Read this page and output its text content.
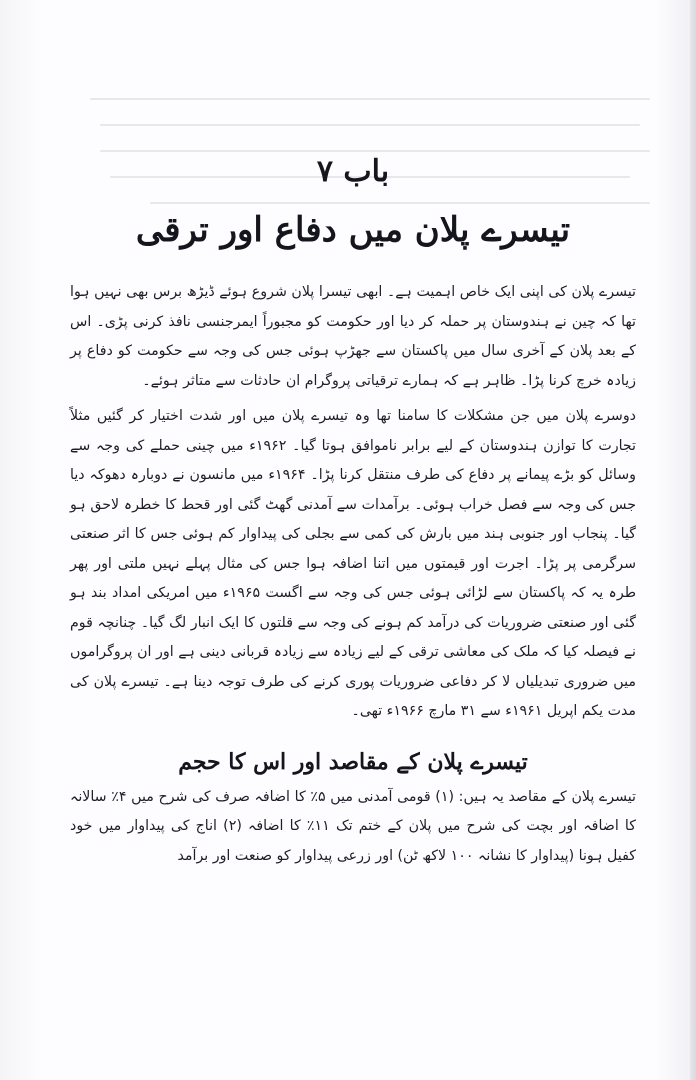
باب ۷
تیسرے پلان میں دفاع اور ترقی

تیسرے پلان کی اپنی ایک خاص اہمیت ہے۔ ابھی تیسرا پلان شروع ہوئے ڈیڑھ برس بھی نہیں ہوا تھا کہ چین نے ہندوستان پر حملہ کر دیا اور حکومت کو مجبوراً ایمرجنسی نافذ کرنی پڑی۔ اس کے بعد پلان کے آخری سال میں پاکستان سے جھڑپ ہوئی جس کی وجہ سے حکومت کو دفاع پر زیادہ خرچ کرنا پڑا۔ ظاہر ہے کہ ہمارے ترقیاتی پروگرام ان حادثات سے متاثر ہوئے۔

دوسرے پلان میں جن مشکلات کا سامنا تھا وہ تیسرے پلان میں اور شدت اختیار کر گئیں مثلاً تجارت کا توازن ہندوستان کے لیے برابر ناموافق ہوتا گیا۔ ۱۹۶۲ء میں چینی حملے کی وجہ سے وسائل کو بڑے پیمانے پر دفاع کی طرف منتقل کرنا پڑا۔ ۱۹۶۴ء میں مانسون نے دوبارہ دھوکہ دیا جس کی وجہ سے فصل خراب ہوئی۔ برآمدات سے آمدنی گھٹ گئی اور قحط کا خطرہ لاحق ہو گیا۔ پنجاب اور جنوبی ہند میں بارش کی کمی سے بجلی کی پیداوار کم ہوئی جس کا اثر صنعتی سرگرمی پر پڑا۔ اجرت اور قیمتوں میں اتنا اضافہ ہوا جس کی مثال پہلے نہیں ملتی اور پھر طرہ یہ کہ پاکستان سے لڑائی ہوئی جس کی وجہ سے اگست ۱۹۶۵ء میں امریکی امداد بند ہو گئی اور صنعتی ضروریات کی درآمد کم ہونے کی وجہ سے قلتوں کا ایک انبار لگ گیا۔ چنانچہ قوم نے فیصلہ کیا کہ ملک کی معاشی ترقی کے لیے زیادہ سے زیادہ قربانی دینی ہے اور ان پروگراموں میں ضروری تبدیلیاں لا کر دفاعی ضروریات پوری کرنے کی طرف توجہ دینا ہے۔ تیسرے پلان کی مدت یکم اپریل ۱۹۶۱ء سے ۳۱ مارچ ۱۹۶۶ء تھی۔

تیسرے پلان کے مقاصد اور اس کا حجم

تیسرے پلان کے مقاصد یہ ہیں: (۱) قومی آمدنی میں ۵٪ کا اضافہ صرف کی شرح میں ۴٪ سالانہ کا اضافہ اور بچت کی شرح میں پلان کے ختم تک ۱۱٪ کا اضافہ (۲) اناج کی پیداوار میں خود کفیل ہونا (پیداوار کا نشانہ ۱۰۰ لاکھ ٹن) اور زرعی پیداوار کو صنعت اور برآمد
